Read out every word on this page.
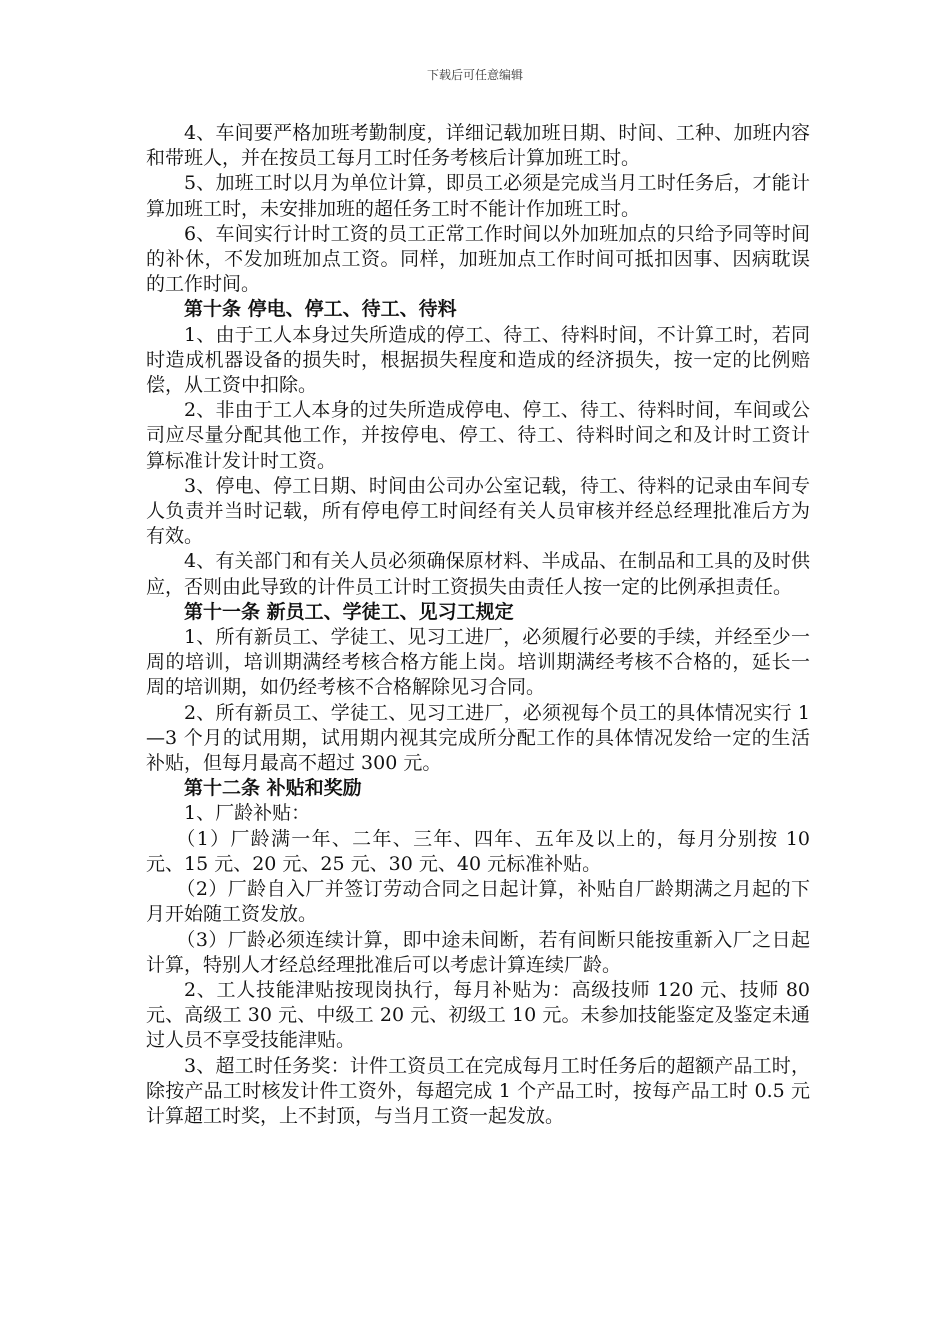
下载后可任意编辑

4、车间要严格加班考勤制度，详细记载加班日期、时间、工种、加班内容和带班人，并在按员工每月工时任务考核后计算加班工时。

5、加班工时以月为单位计算，即员工必须是完成当月工时任务后，才能计算加班工时，未安排加班的超任务工时不能计作加班工时。

6、车间实行计时工资的员工正常工作时间以外加班加点的只给予同等时间的补休，不发加班加点工资。同样，加班加点工作时间可抵扣因事、因病耽误的工作时间。

第十条 停电、停工、待工、待料

1、由于工人本身过失所造成的停工、待工、待料时间，不计算工时，若同时造成机器设备的损失时，根据损失程度和造成的经济损失，按一定的比例赔偿，从工资中扣除。

2、非由于工人本身的过失所造成停电、停工、待工、待料时间，车间或公司应尽量分配其他工作，并按停电、停工、待工、待料时间之和及计时工资计算标准计发计时工资。

3、停电、停工日期、时间由公司办公室记载，待工、待料的记录由车间专人负责并当时记载，所有停电停工时间经有关人员审核并经总经理批准后方为有效。

4、有关部门和有关人员必须确保原材料、半成品、在制品和工具的及时供应，否则由此导致的计件员工计时工资损失由责任人按一定的比例承担责任。

第十一条 新员工、学徒工、见习工规定

1、所有新员工、学徒工、见习工进厂，必须履行必要的手续，并经至少一周的培训，培训期满经考核合格方能上岗。培训期满经考核不合格的，延长一周的培训期，如仍经考核不合格解除见习合同。

2、所有新员工、学徒工、见习工进厂，必须视每个员工的具体情况实行 1—3 个月的试用期，试用期内视其完成所分配工作的具体情况发给一定的生活补贴，但每月最高不超过 300 元。

第十二条 补贴和奖励

1、厂龄补贴：

（1）厂龄满一年、二年、三年、四年、五年及以上的，每月分别按 10 元、15 元、20 元、25 元、30 元、40 元标准补贴。

（2）厂龄自入厂并签订劳动合同之日起计算，补贴自厂龄期满之月起的下月开始随工资发放。

（3）厂龄必须连续计算，即中途未间断，若有间断只能按重新入厂之日起计算，特别人才经总经理批准后可以考虑计算连续厂龄。

2、工人技能津贴按现岗执行，每月补贴为：高级技师 120 元、技师 80 元、高级工 30 元、中级工 20 元、初级工 10 元。未参加技能鉴定及鉴定未通过人员不享受技能津贴。

3、超工时任务奖：计件工资员工在完成每月工时任务后的超额产品工时，除按产品工时核发计件工资外，每超完成 1 个产品工时，按每产品工时 0.5 元计算超工时奖，上不封顶，与当月工资一起发放。
